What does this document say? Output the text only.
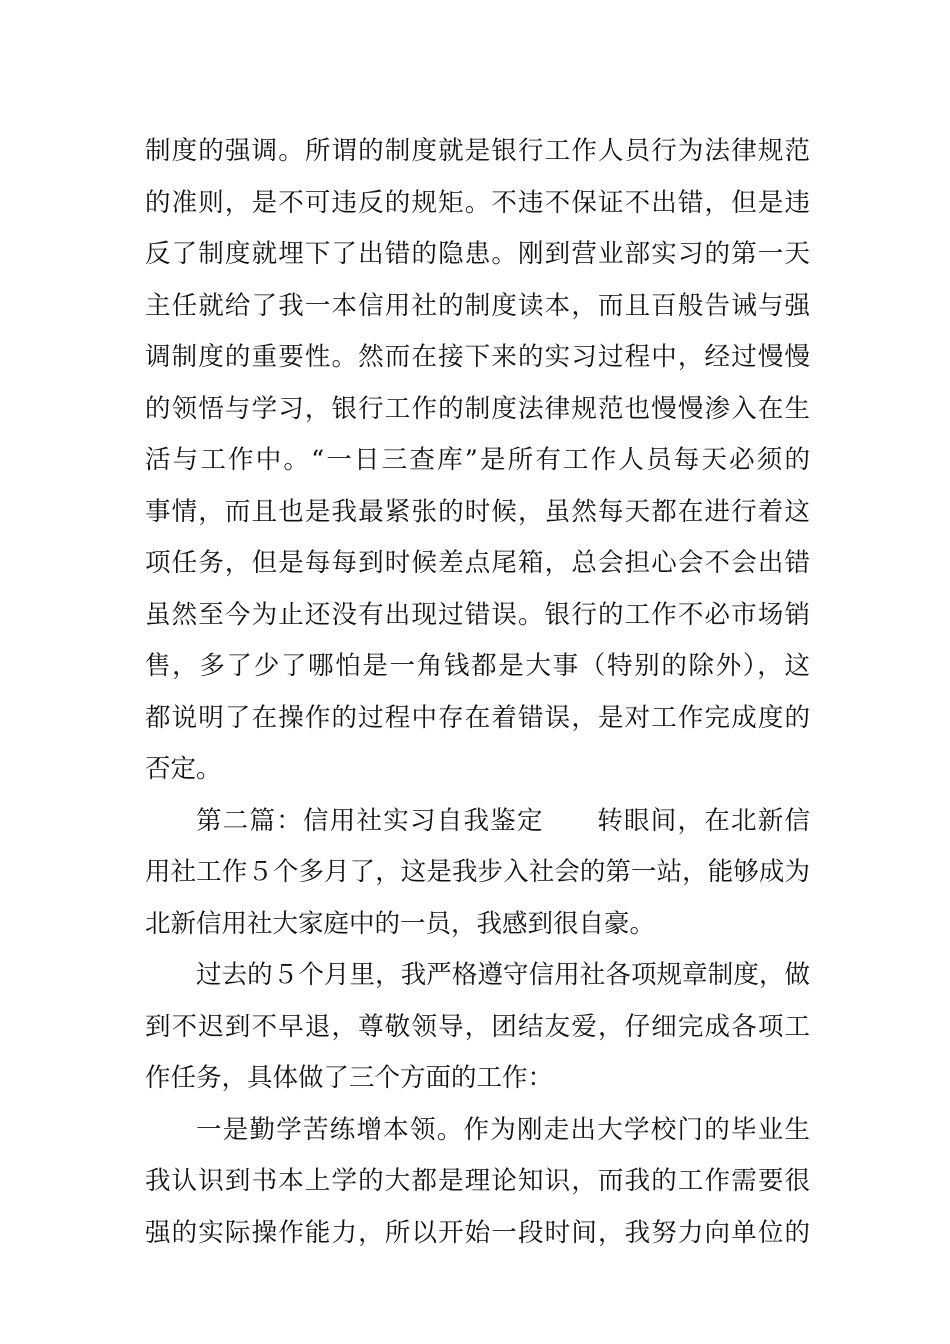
制度的强调。所谓的制度就是银行工作人员行为法律规范
的准则，是不可违反的规矩。不违不保证不出错，但是违
反了制度就埋下了出错的隐患。刚到营业部实习的第一天
主任就给了我一本信用社的制度读本，而且百般告诫与强
调制度的重要性。然而在接下来的实习过程中，经过慢慢
的领悟与学习，银行工作的制度法律规范也慢慢渗入在生
活与工作中。“一日三查库”是所有工作人员每天必须的
事情，而且也是我最紧张的时候，虽然每天都在进行着这
项任务，但是每每到时候差点尾箱，总会担心会不会出错
虽然至今为止还没有出现过错误。银行的工作不必市场销
售，多了少了哪怕是一角钱都是大事（特别的除外），这
都说明了在操作的过程中存在着错误，是对工作完成度的
否定。
第二篇：信用社实习自我鉴定　　转眼间，在北新信
用社工作５个多月了，这是我步入社会的第一站，能够成为
北新信用社大家庭中的一员，我感到很自豪。
过去的５个月里，我严格遵守信用社各项规章制度，做
到不迟到不早退，尊敬领导，团结友爱，仔细完成各项工
作任务，具体做了三个方面的工作：
一是勤学苦练增本领。作为刚走出大学校门的毕业生
我认识到书本上学的大都是理论知识，而我的工作需要很
强的实际操作能力，所以开始一段时间，我努力向单位的
